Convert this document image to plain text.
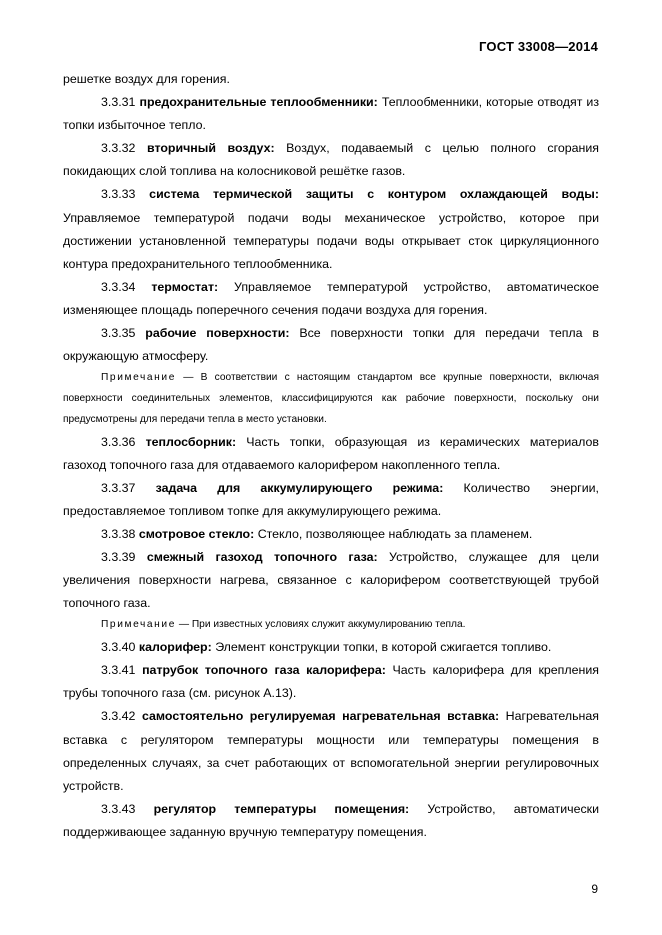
ГОСТ 33008—2014

решетке воздух для горения.

3.3.31 предохранительные теплообменники: Теплообменники, которые отводят из топки избыточное тепло.

3.3.32 вторичный воздух: Воздух, подаваемый с целью полного сгорания покидающих слой топлива на колосниковой решётке газов.

3.3.33 система термической защиты с контуром охлаждающей воды: Управляемое температурой подачи воды механическое устройство, которое при достижении установленной температуры подачи воды открывает сток циркуляционного контура предохранительного теплообменника.

3.3.34 термостат: Управляемое температурой устройство, автоматическое изменяющее площадь поперечного сечения подачи воздуха для горения.

3.3.35 рабочие поверхности: Все поверхности топки для передачи тепла в окружающую атмосферу.

Примечание — В соответствии с настоящим стандартом все крупные поверхности, включая поверхности соединительных элементов, классифицируются как рабочие поверхности, поскольку они предусмотрены для передачи тепла в место установки.

3.3.36 теплосборник: Часть топки, образующая из керамических материалов газоход топочного газа для отдаваемого калорифером накопленного тепла.

3.3.37 задача для аккумулирующего режима: Количество энергии, предоставляемое топливом топке для аккумулирующего режима.

3.3.38 смотровое стекло: Стекло, позволяющее наблюдать за пламенем.

3.3.39 смежный газоход топочного газа: Устройство, служащее для цели увеличения поверхности нагрева, связанное с калорифером соответствующей трубой топочного газа.

Примечание — При известных условиях служит аккумулированию тепла.

3.3.40 калорифер: Элемент конструкции топки, в которой сжигается топливо.

3.3.41 патрубок топочного газа калорифера: Часть калорифера для крепления трубы топочного газа (см. рисунок А.13).

3.3.42 самостоятельно регулируемая нагревательная вставка: Нагревательная вставка с регулятором температуры мощности или температуры помещения в определенных случаях, за счет работающих от вспомогательной энергии регулировочных устройств.

3.3.43 регулятор температуры помещения: Устройство, автоматически поддерживающее заданную вручную температуру помещения.

9
